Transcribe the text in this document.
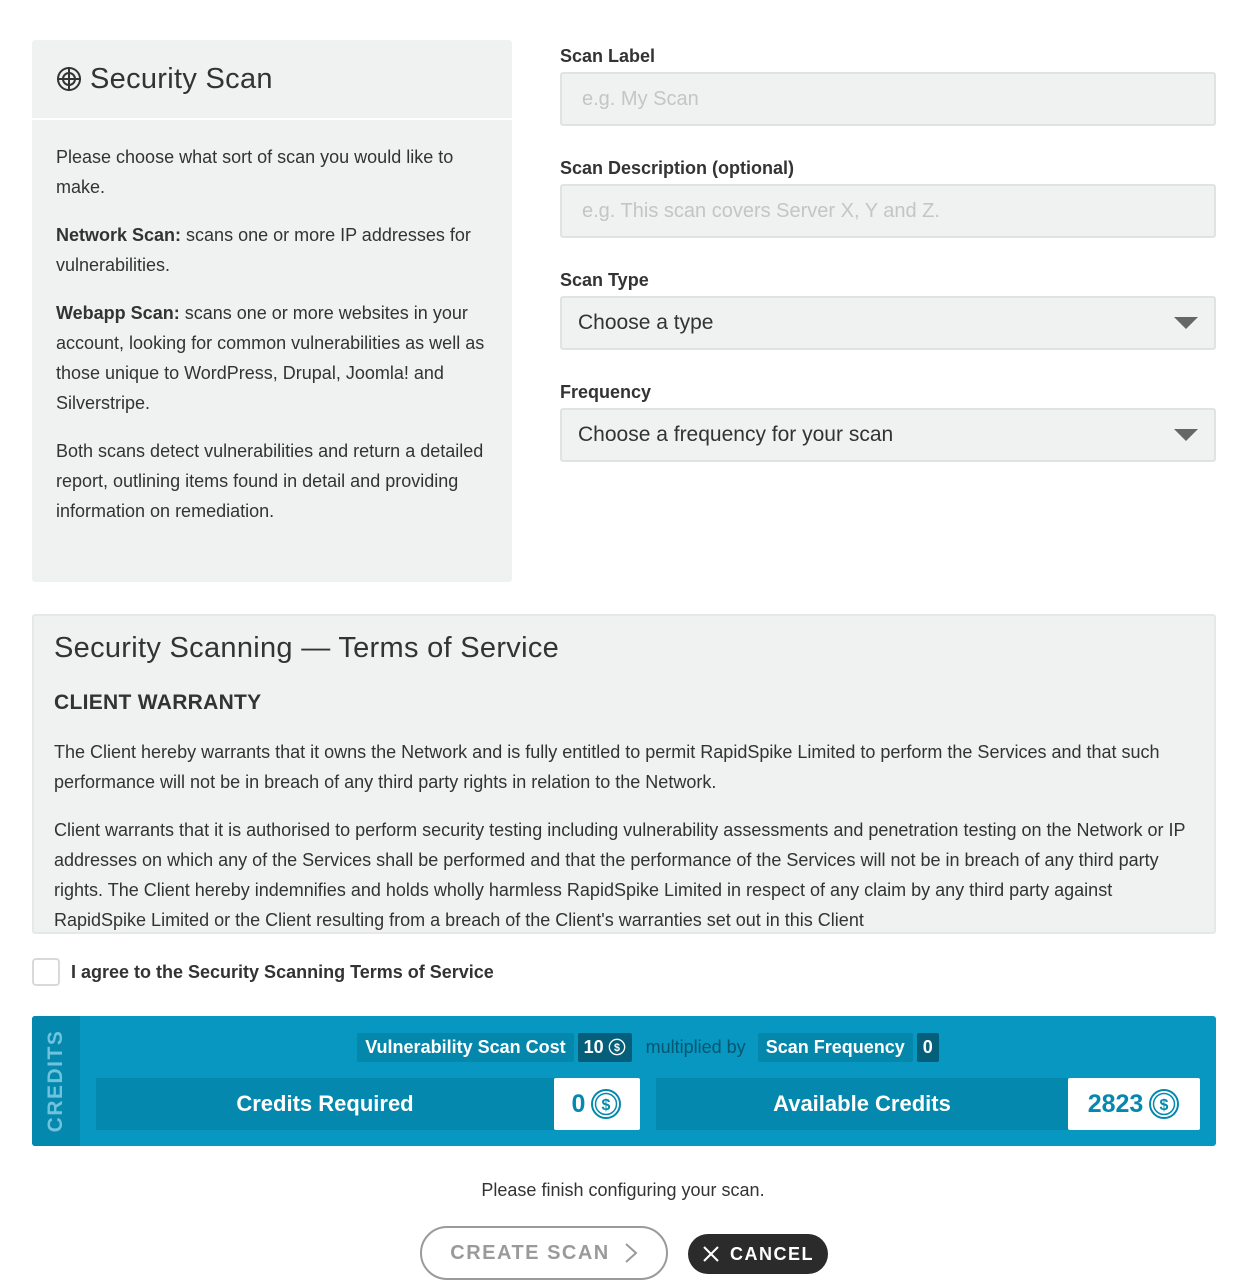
Security Scan

Please choose what sort of scan you would like to make.

Network Scan: scans one or more IP addresses for vulnerabilities.

Webapp Scan: scans one or more websites in your account, looking for common vulnerabilities as well as those unique to WordPress, Drupal, Joomla! and Silverstripe.

Both scans detect vulnerabilities and return a detailed report, outlining items found in detail and providing information on remediation.

Scan Label
e.g. My Scan
Scan Description (optional)
e.g. This scan covers Server X, Y and Z.
Scan Type
Choose a type
Frequency
Choose a frequency for your scan
Security Scanning — Terms of Service
CLIENT WARRANTY

The Client hereby warrants that it owns the Network and is fully entitled to permit RapidSpike Limited to perform the Services and that such performance will not be in breach of any third party rights in relation to the Network.

Client warrants that it is authorised to perform security testing including vulnerability assessments and penetration testing on the Network or IP addresses on which any of the Services shall be performed and that the performance of the Services will not be in breach of any third party rights. The Client hereby indemnifies and holds wholly harmless RapidSpike Limited in respect of any claim by any third party against RapidSpike Limited or the Client resulting from a breach of the Client's warranties set out in this Client

I agree to the Security Scanning Terms of Service
CREDITS	Vulnerability Scan Cost	10 $ multiplied by	Scan Frequency	0
Credits Required	0 $	Available Credits	2823 $
Please finish configuring your scan.
CREATE SCAN	CANCEL
